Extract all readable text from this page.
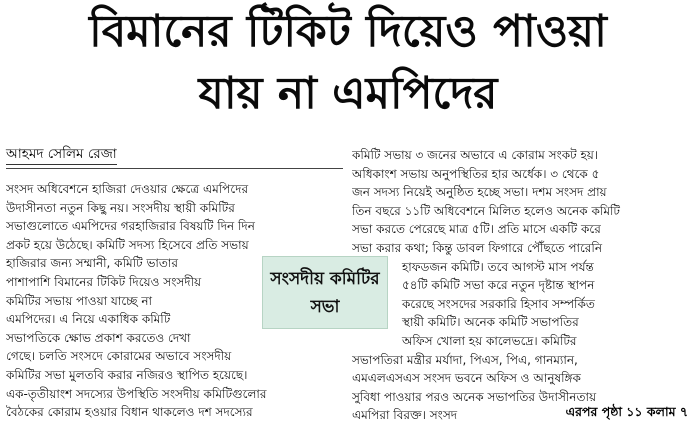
বিমানের টিকিট দিয়েও পাওয়া
যায় না এমপিদের
আহমদ সেলিম রেজা
সংসদ অধিবেশনে হাজিরা দেওয়ার ক্ষেত্রে এমপিদের
উদাসীনতা নতুন কিছু নয়। সংসদীয় স্থায়ী কমিটির
সভাগুলোতে এমপিদের গরহাজিরার বিষয়টি দিন দিন
প্রকট হয়ে উঠেছে। কমিটি সদস্য হিসেবে প্রতি সভায়
হাজিরার জন্য সম্মানী, কমিটি ভাতার
পাশাপাশি বিমানের টিকিট দিয়েও সংসদীয়
কমিটির সভায় পাওয়া যাচ্ছে না
এমপিদের। এ নিয়ে একাধিক কমিটি
সভাপতিকে ক্ষোভ প্রকাশ করতেও দেখা
গেছে। চলতি সংসদে কোরামের অভাবে সংসদীয়
কমিটির সভা মুলতবি করার নজিরও স্থাপিত হয়েছে।
এক-তৃতীয়াংশ সদস্যের উপস্থিতি সংসদীয় কমিটিগুলোর
বৈঠকের কোরাম হওয়ার বিধান থাকলেও দশ সদস্যের
কমিটি সভায় ৩ জনের অভাবে এ কোরাম সংকট হয়।
অধিকাংশ সভায় অনুপস্থিতির হার অর্ধেক। ৩ থেকে ৫
জন সদস্য নিয়েই অনুষ্ঠিত হচ্ছে সভা। দশম সংসদ প্রায়
তিন বছরে ১১টি অধিবেশনে মিলিত হলেও অনেক কমিটি
সভা করতে পেরেছে মাত্র ৫টি। প্রতি মাসে একটি করে
সভা করার কথা; কিন্তু ডাবল ফিগারে পৌঁছতে পারেনি
হাফডজন কমিটি। তবে আগস্ট মাস পর্যন্ত
৫৪টি কমিটি সভা করে নতুন দৃষ্টান্ত স্থাপন
করেছে সংসদের সরকারি হিসাব সম্পর্কিত
স্থায়ী কমিটি। অনেক কমিটি সভাপতির
অফিস খোলা হয় কালেভদ্রে। কমিটির
সভাপতিরা মন্ত্রীর মর্যাদা, পিএস, পিএ, গানম্যান,
এমএলএসএস সংসদ ভবনে অফিস ও আনুষঙ্গিক
সুবিধা পাওয়ার পরও অনেক সভাপতির উদাসীনতায়
এমপিরা বিরক্ত। সংসদ
সংসদীয় কমিটির সভা
এরপর পৃষ্ঠা ১১ কলাম ৭
